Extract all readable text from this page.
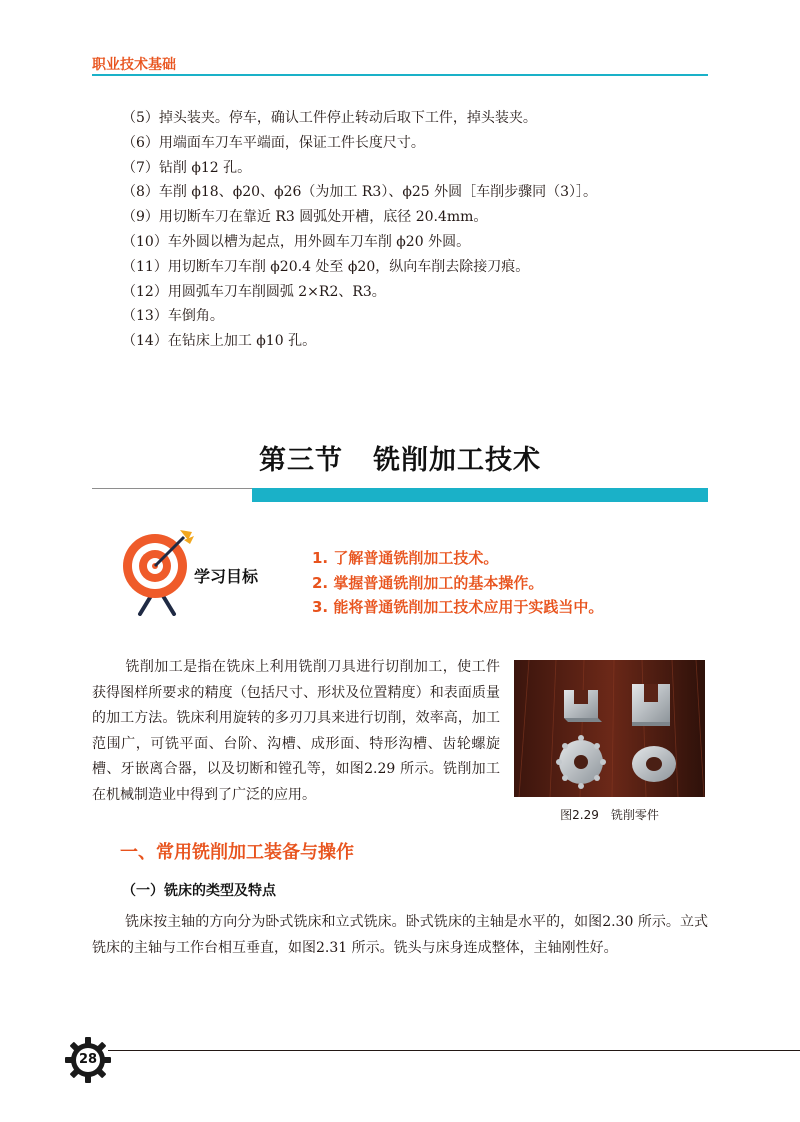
职业技术基础
（5）掉头装夹。停车，确认工件停止转动后取下工件，掉头装夹。
（6）用端面车刀车平端面，保证工件长度尺寸。
（7）钻削 ϕ12 孔。
（8）车削 ϕ18、ϕ20、ϕ26（为加工 R3）、ϕ25 外圆［车削步骤同（3）］。
（9）用切断车刀在靠近 R3 圆弧处开槽，底径 20.4mm。
（10）车外圆以槽为起点，用外圆车刀车削 ϕ20 外圆。
（11）用切断车刀车削 ϕ20.4 处至 ϕ20，纵向车削去除接刀痕。
（12）用圆弧车刀车削圆弧 2×R2、R3。
（13）车倒角。
（14）在钻床上加工 ϕ10 孔。
第三节 铣削加工技术
学习目标
1. 了解普通铣削加工技术。
2. 掌握普通铣削加工的基本操作。
3. 能将普通铣削加工技术应用于实践当中。
铣削加工是指在铣床上利用铣削刀具进行切削加工，使工件获得图样所要求的精度（包括尺寸、形状及位置精度）和表面质量的加工方法。铣床利用旋转的多刃刀具来进行切削，效率高，加工范围广，可铣平面、台阶、沟槽、成形面、特形沟槽、齿轮螺旋槽、牙嵌离合器，以及切断和镗孔等，如图2.29 所示。铣削加工在机械制造业中得到了广泛的应用。
图2.29 铣削零件
一、常用铣削加工装备与操作
（一）铣床的类型及特点
铣床按主轴的方向分为卧式铣床和立式铣床。卧式铣床的主轴是水平的，如图2.30 所示。立式铣床的主轴与工作台相互垂直，如图2.31 所示。铣头与床身连成整体，主轴刚性好。
28
